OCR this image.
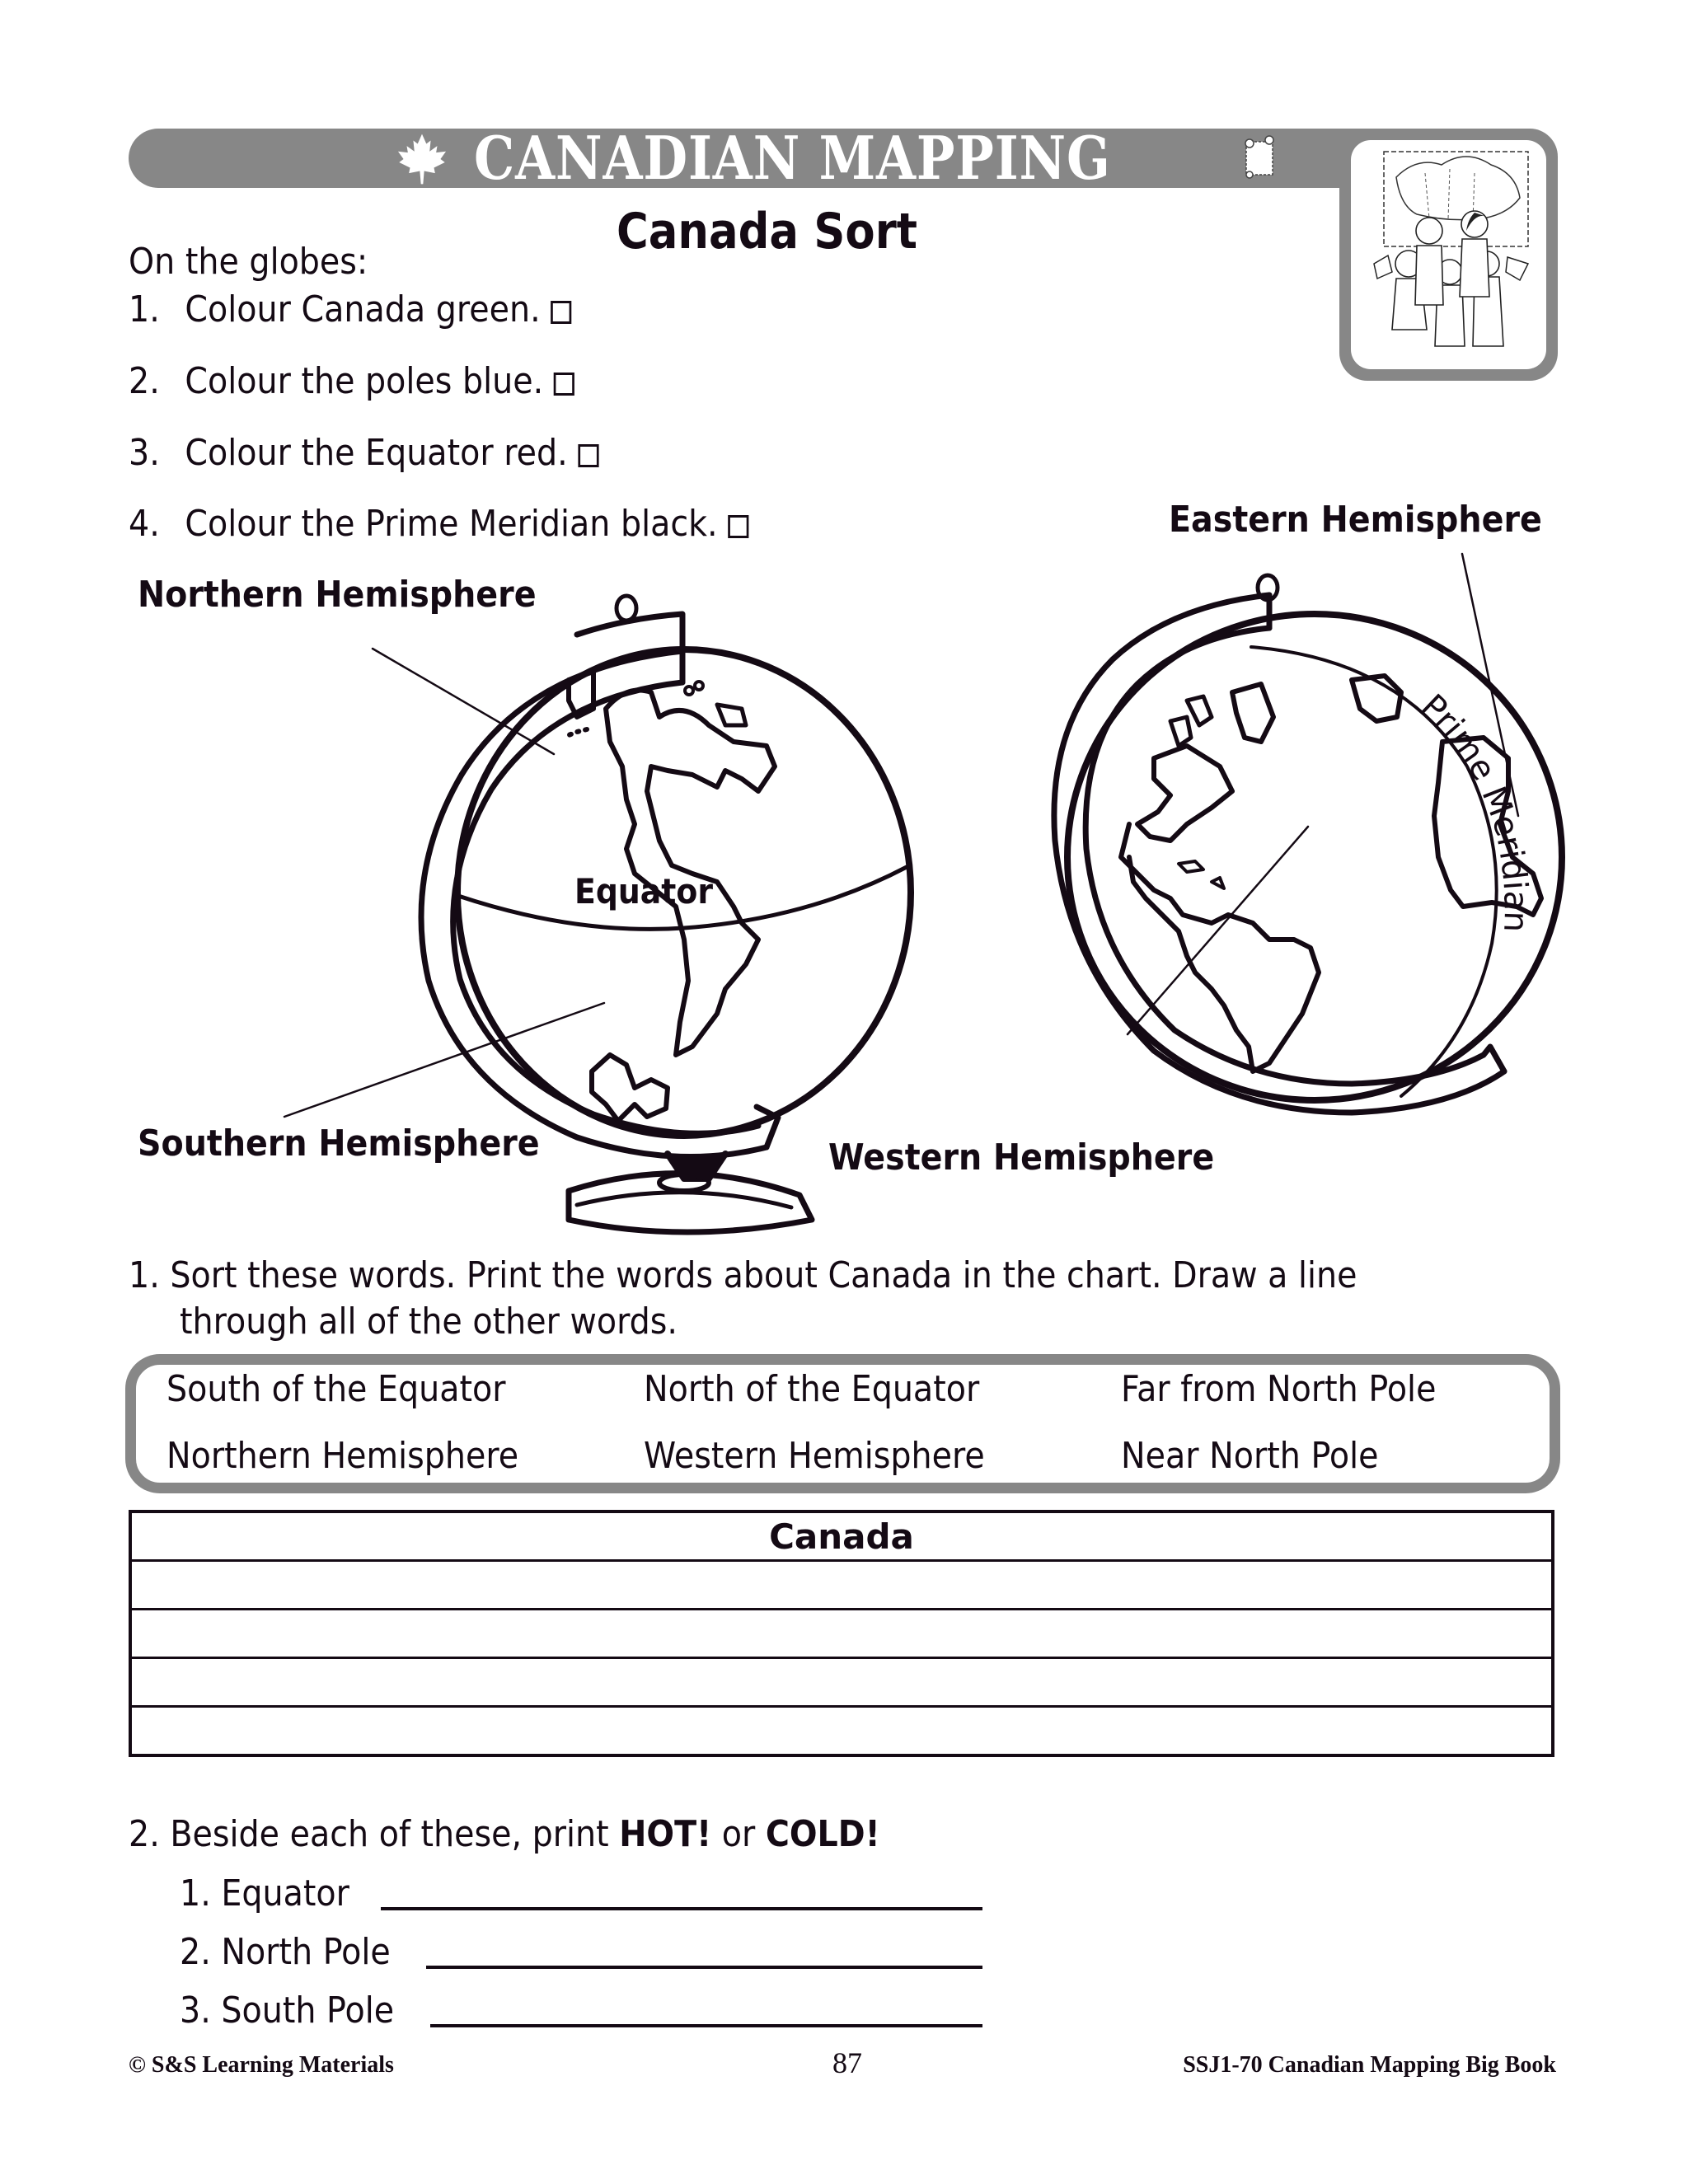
CANADIAN MAPPING
Canada Sort
On the globes:
1. Colour Canada green.
2. Colour the poles blue.
3. Colour the Equator red.
4. Colour the Prime Meridian black.
Northern Hemisphere
Equator
Southern Hemisphere
Eastern Hemisphere
Western Hemisphere
Prime Meridian
1. Sort these words. Print the words about Canada in the chart. Draw a line
through all of the other words.
South of the Equator	North of the Equator	Far from North Pole
Northern Hemisphere	Western Hemisphere	Near North Pole
Canada

2. Beside each of these, print HOT! or COLD!
1. Equator
2. North Pole
3. South Pole
© S&S Learning Materials	87	SSJ1-70 Canadian Mapping Big Book
